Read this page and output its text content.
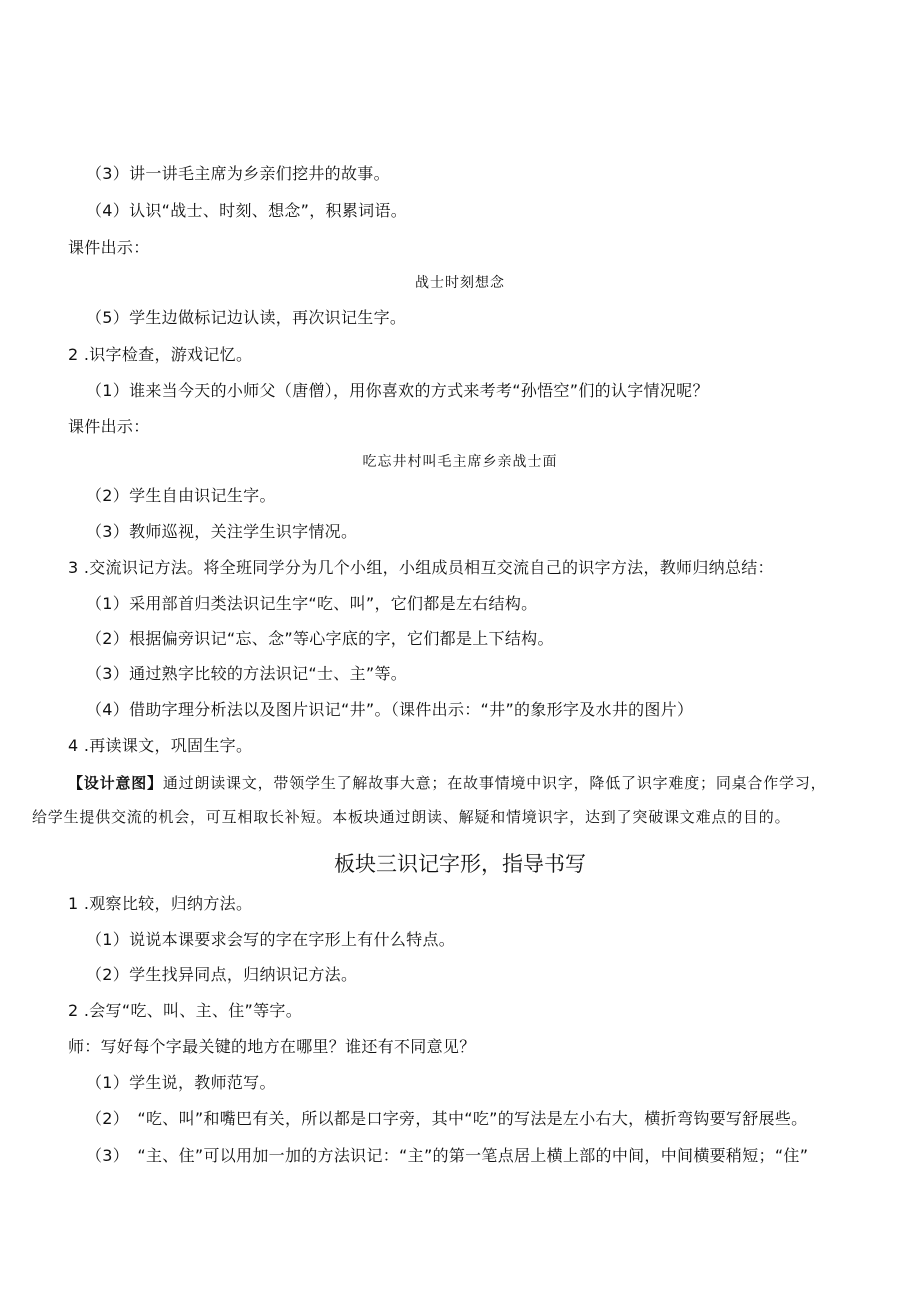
（3）讲一讲毛主席为乡亲们挖井的故事。
（4）认识“战士、时刻、想念”，积累词语。
课件出示：
战士时刻想念
（5）学生边做标记边认读，再次识记生字。
2 .识字检查，游戏记忆。
（1）谁来当今天的小师父（唐僧），用你喜欢的方式来考考“孙悟空”们的认字情况呢？
课件出示：
吃忘井村叫毛主席乡亲战士面
（2）学生自由识记生字。
（3）教师巡视，关注学生识字情况。
3 .交流识记方法。将全班同学分为几个小组，小组成员相互交流自己的识字方法，教师归纳总结：
（1）采用部首归类法识记生字“吃、叫”，它们都是左右结构。
（2）根据偏旁识记“忘、念”等心字底的字，它们都是上下结构。
（3）通过熟字比较的方法识记“士、主”等。
（4）借助字理分析法以及图片识记“井”。（课件出示：“井”的象形字及水井的图片）
4 .再读课文，巩固生字。
【设计意图】通过朗读课文，带领学生了解故事大意；在故事情境中识字，降低了识字难度；同桌合作学习，
给学生提供交流的机会，可互相取长补短。本板块通过朗读、解疑和情境识字，达到了突破课文难点的目的。
板块三识记字形，指导书写
1 .观察比较，归纳方法。
（1）说说本课要求会写的字在字形上有什么特点。
（2）学生找异同点，归纳识记方法。
2 .会写“吃、叫、主、住”等字。
师：写好每个字最关键的地方在哪里？谁还有不同意见？
（1）学生说，教师范写。
（2）　“吃、叫”和嘴巴有关，所以都是口字旁，其中“吃”的写法是左小右大，横折弯钩要写舒展些。
（3）　“主、住”可以用加一加的方法识记：“主”的第一笔点居上横上部的中间，中间横要稍短；“住”
